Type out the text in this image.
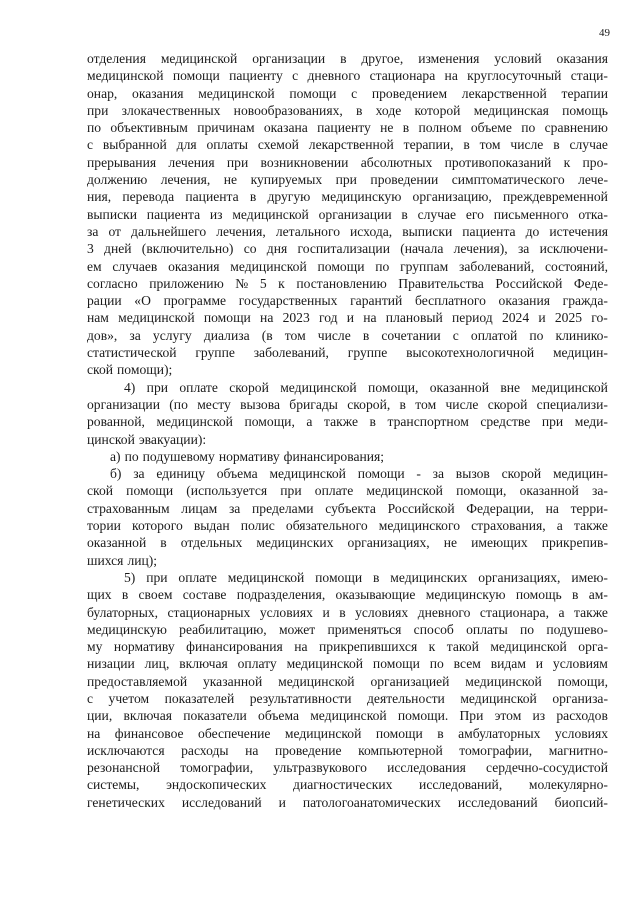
49
отделения медицинской организации в другое, изменения условий оказания
медицинской помощи пациенту с дневного стационара на круглосуточный стаци-
онар, оказания медицинской помощи с проведением лекарственной терапии
при злокачественных новообразованиях, в ходе которой медицинская помощь
по объективным причинам оказана пациенту не в полном объеме по сравнению
с выбранной для оплаты схемой лекарственной терапии, в том числе в случае
прерывания лечения при возникновении абсолютных противопоказаний к про-
должению лечения, не купируемых при проведении симптоматического лече-
ния, перевода пациента в другую медицинскую организацию, преждевременной
выписки пациента из медицинской организации в случае его письменного отка-
за от дальнейшего лечения, летального исхода, выписки пациента до истечения
3 дней (включительно) со дня госпитализации (начала лечения), за исключени-
ем случаев оказания медицинской помощи по группам заболеваний, состояний,
согласно приложению № 5 к постановлению Правительства Российской Феде-
рации «О программе государственных гарантий бесплатного оказания гражда-
нам медицинской помощи на 2023 год и на плановый период 2024 и 2025 го-
дов», за услугу диализа (в том числе в сочетании с оплатой по клинико-
статистической группе заболеваний, группе высокотехнологичной медицин-
ской помощи);
4) при оплате скорой медицинской помощи, оказанной вне медицинской
организации (по месту вызова бригады скорой, в том числе скорой специализи-
рованной, медицинской помощи, а также в транспортном средстве при меди-
цинской эвакуации):
а) по подушевому нормативу финансирования;
б) за единицу объема медицинской помощи - за вызов скорой медицин-
ской помощи (используется при оплате медицинской помощи, оказанной за-
страхованным лицам за пределами субъекта Российской Федерации, на терри-
тории которого выдан полис обязательного медицинского страхования, а также
оказанной в отдельных медицинских организациях, не имеющих прикрепив-
шихся лиц);
5) при оплате медицинской помощи в медицинских организациях, имею-
щих в своем составе подразделения, оказывающие медицинскую помощь в ам-
булаторных, стационарных условиях и в условиях дневного стационара, а также
медицинскую реабилитацию, может применяться способ оплаты по подушево-
му нормативу финансирования на прикрепившихся к такой медицинской орга-
низации лиц, включая оплату медицинской помощи по всем видам и условиям
предоставляемой указанной медицинской организацией медицинской помощи,
с учетом показателей результативности деятельности медицинской организа-
ции, включая показатели объема медицинской помощи. При этом из расходов
на финансовое обеспечение медицинской помощи в амбулаторных условиях
исключаются расходы на проведение компьютерной томографии, магнитно-
резонансной томографии, ультразвукового исследования сердечно-сосудистой
системы, эндоскопических диагностических исследований, молекулярно-
генетических исследований и патологоанатомических исследований биопсий-
